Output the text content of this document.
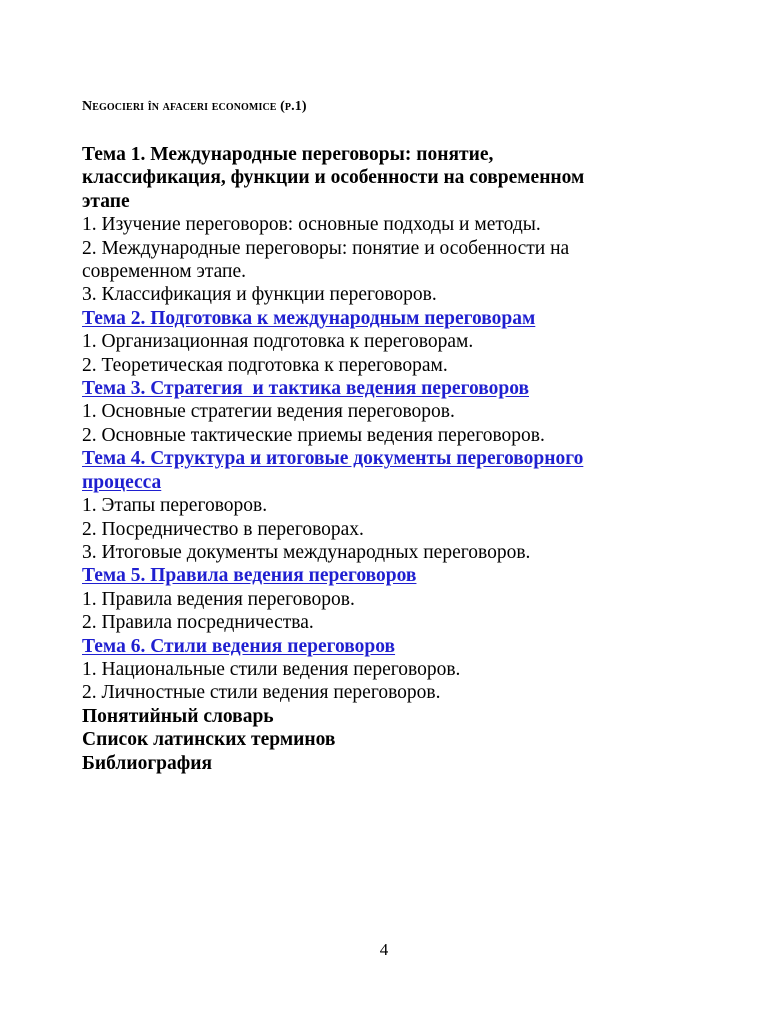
Negocieri în afaceri economice (p.1)
Тема 1. Международные переговоры: понятие,
классификация, функции и особенности на современном
этапе
1. Изучение переговоров: основные подходы и методы.
2. Международные переговоры: понятие и особенности на
современном этапе.
3. Классификация и функции переговоров.
Тема 2. Подготовка к международным переговорам
1. Организационная подготовка к переговорам.
2. Теоретическая подготовка к переговорам.
Тема 3. Стратегия  и тактика ведения переговоров
1. Основные стратегии ведения переговоров.
2. Основные тактические приемы ведения переговоров.
Тема 4. Структура и итоговые документы переговорного
процесса
1. Этапы переговоров.
2. Посредничество в переговорах.
3. Итоговые документы международных переговоров.
Тема 5. Правила ведения переговоров
1. Правила ведения переговоров.
2. Правила посредничества.
Тема 6. Стили ведения переговоров
1. Национальные стили ведения переговоров.
2. Личностные стили ведения переговоров.
Понятийный словарь
Список латинских терминов
Библиография
4
